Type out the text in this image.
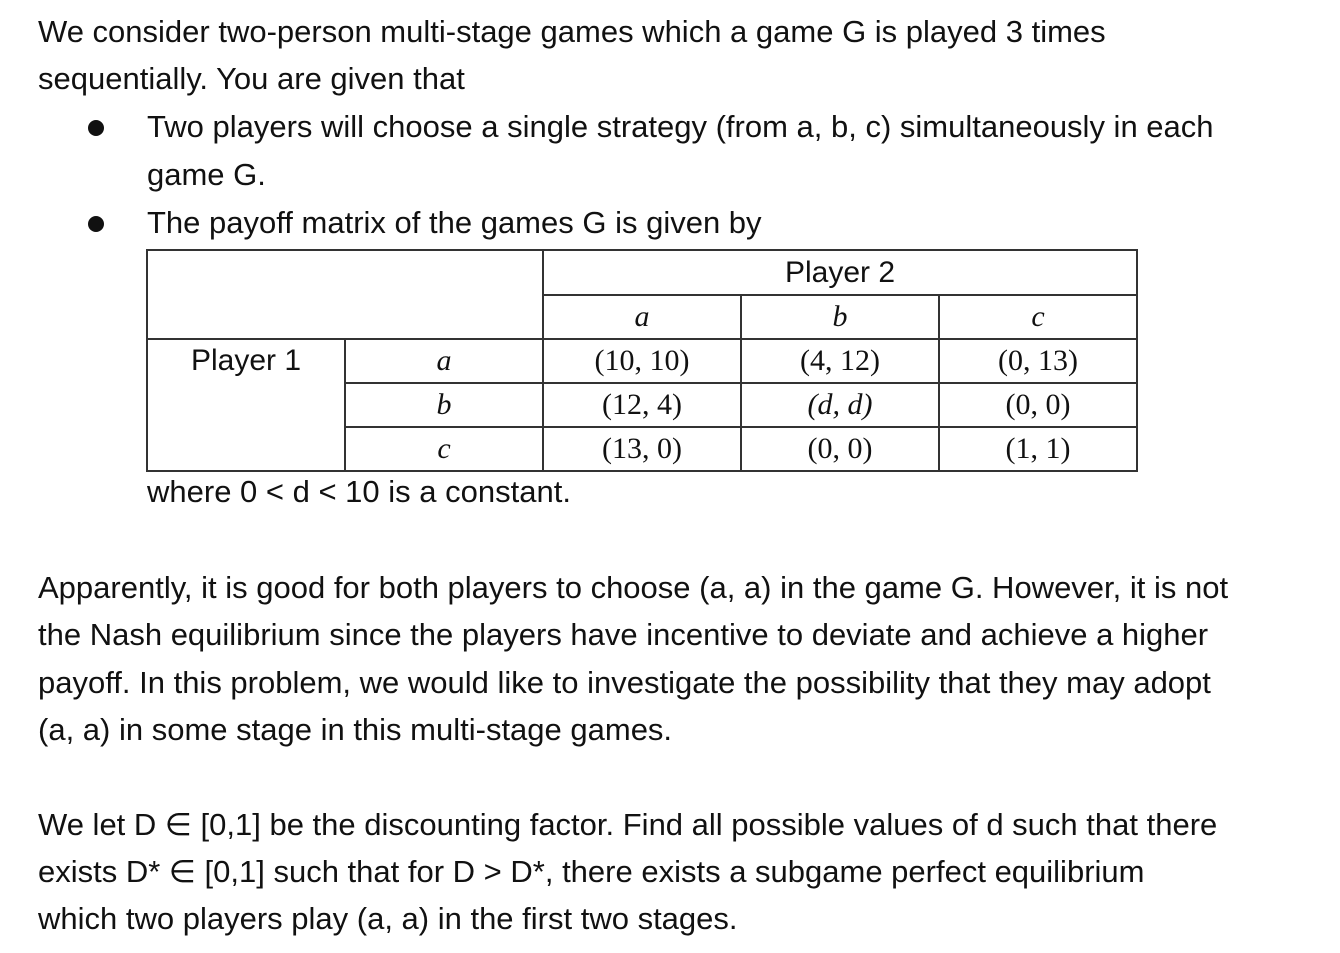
We consider two-person multi-stage games which a game G is played 3 times
sequentially. You are given that
Two players will choose a single strategy (from a, b, c) simultaneously in each
game G.
The payoff matrix of the games G is given by
		Player 2		
		a	b	c
Player 1	a	(10, 10)	(4, 12)	(0, 13)
	b	(12, 4)	(d, d)	(0, 0)
	c	(13, 0)	(0, 0)	(1, 1)
where 0 < d < 10 is a constant.
Apparently, it is good for both players to choose (a, a) in the game G. However, it is not
the Nash equilibrium since the players have incentive to deviate and achieve a higher
payoff. In this problem, we would like to investigate the possibility that they may adopt
(a, a) in some stage in this multi-stage games.
We let D ∈ [0,1] be the discounting factor. Find all possible values of d such that there
exists D* ∈ [0,1] such that for D > D*, there exists a subgame perfect equilibrium
which two players play (a, a) in the first two stages.
